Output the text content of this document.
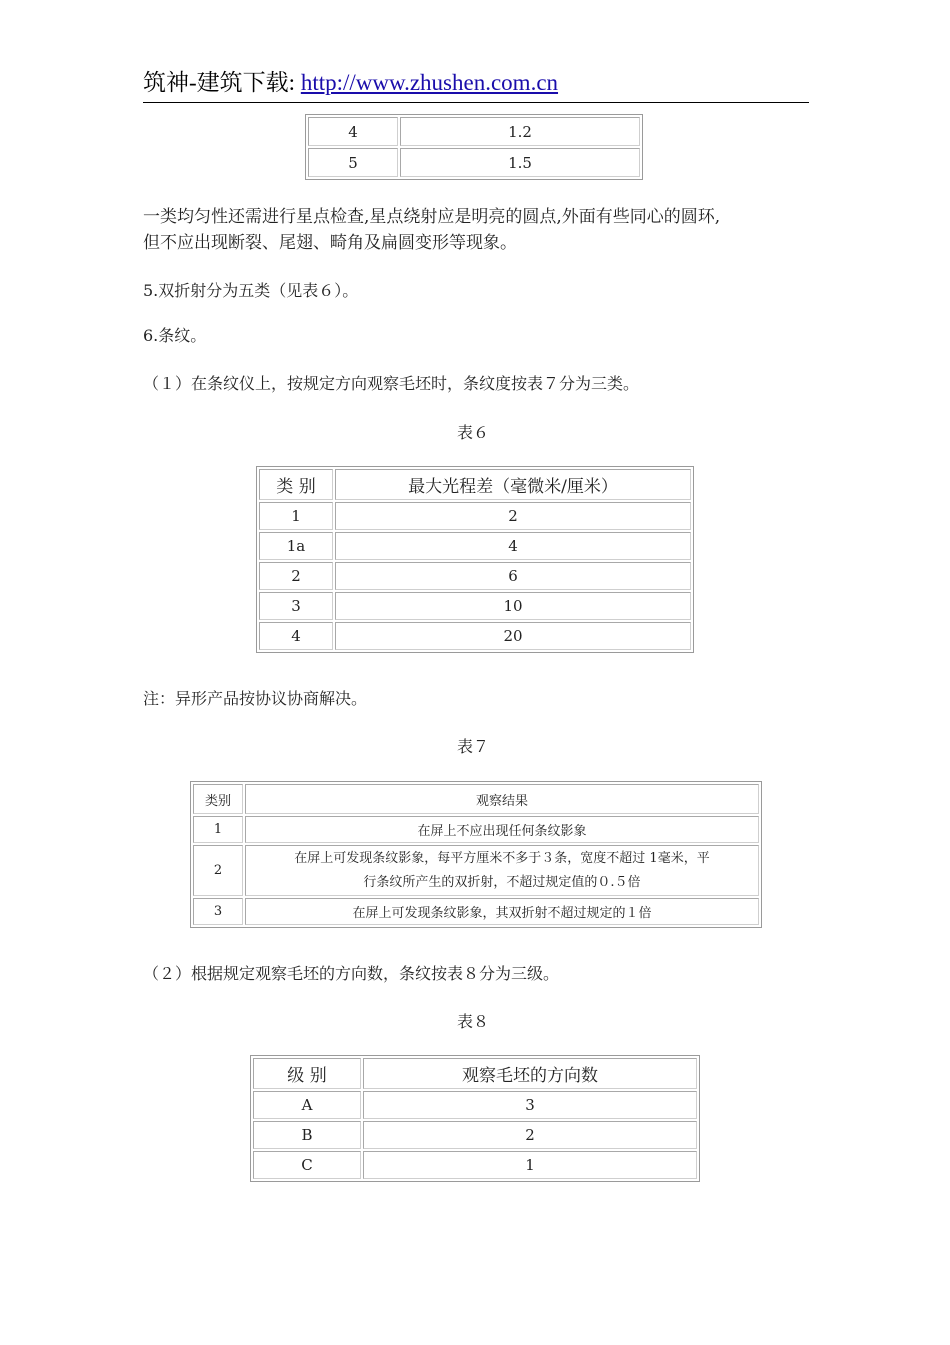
筑神-建筑下载: http://www.zhushen.com.cn
4	1.2
5	1.5
一类均匀性还需进行星点检查,星点绕射应是明亮的圆点,外面有些同心的圆环,
但不应出现断裂、尾翅、畸角及扁圆变形等现象。
5.双折射分为五类（见表６）。
6.条纹。
（１）在条纹仪上，按规定方向观察毛坯时，条纹度按表７分为三类。
表６
类 别	最大光程差（毫微米/厘米）
1	2
1a	4
2	6
3	10
4	20
注：异形产品按协议协商解决。
表７
类别	观察结果
1	在屏上不应出现任何条纹影象
2	在屏上可发现条纹影象，每平方厘米不多于３条，宽度不超过 1毫米，平
行条纹所产生的双折射，不超过规定值的０.５倍

3	在屏上可发现条纹影象，其双折射不超过规定的１倍
（２）根据规定观察毛坯的方向数，条纹按表８分为三级。
表８
级 别	观察毛坯的方向数
A	3
B	2
C	1
